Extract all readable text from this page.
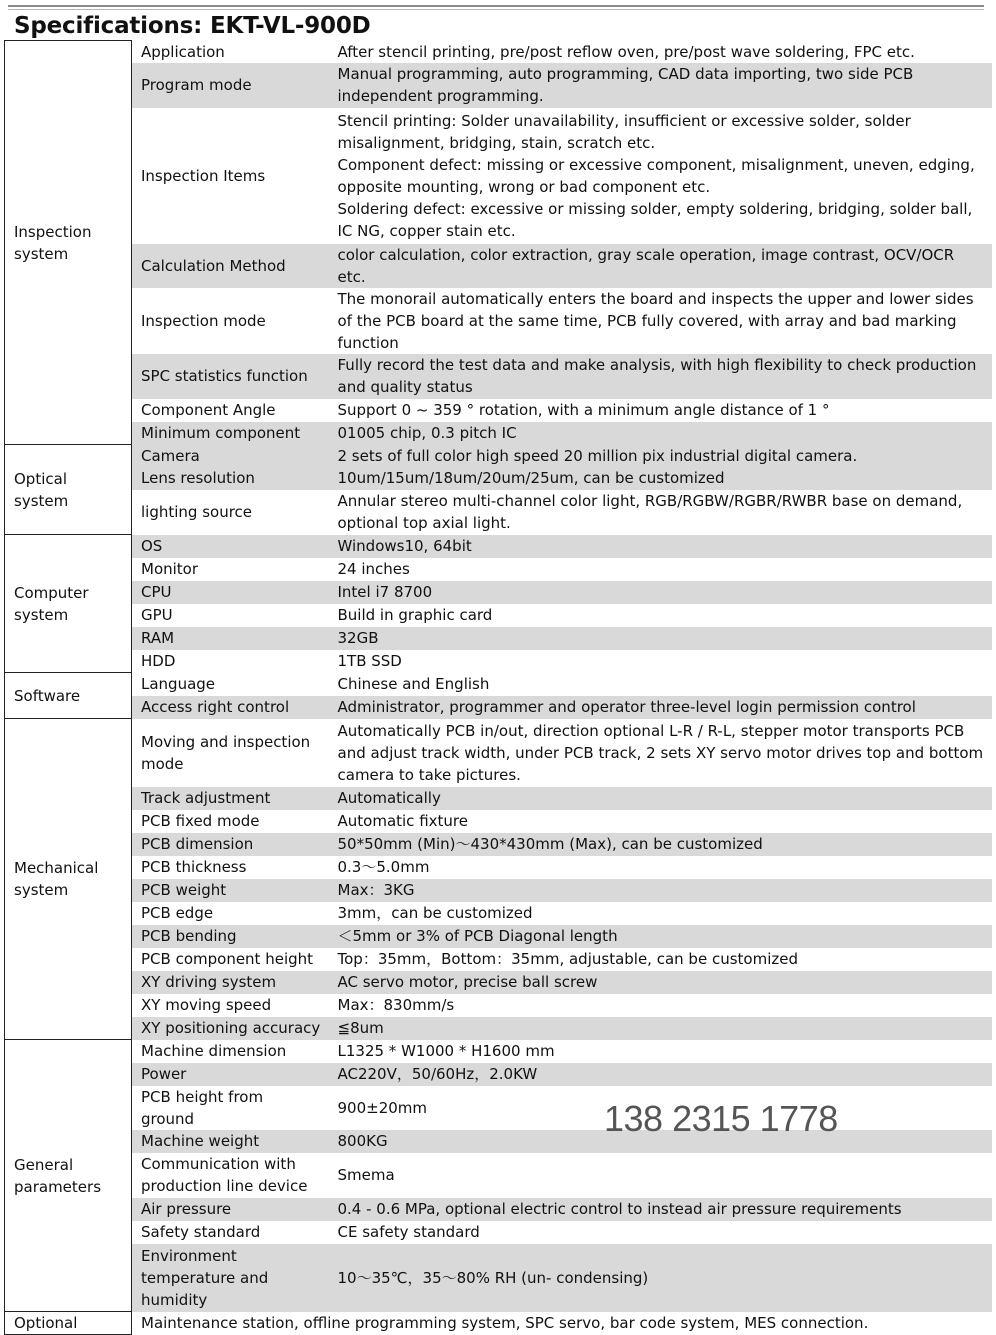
Specifications: EKT-VL-900D
Inspection system	Application	After stencil printing, pre/post reflow oven, pre/post wave soldering, FPC etc.

	Program mode	Manual programming, auto programming, CAD data importing, two side PCB independent programming.

	Inspection Items	Stencil printing: Solder unavailability, insufficient or excessive solder, solder misalignment, bridging, stain, scratch etc.
Component defect: missing or excessive component, misalignment, uneven, edging, opposite mounting, wrong or bad component etc.
Soldering defect: excessive or missing solder, empty soldering, bridging, solder ball, IC NG, copper stain etc.

	Calculation Method	color calculation, color extraction, gray scale operation, image contrast, OCV/OCR etc.

	Inspection mode	The monorail automatically enters the board and inspects the upper and lower sides of the PCB board at the same time, PCB fully covered, with array and bad marking function

	SPC statistics function	Fully record the test data and make analysis, with high flexibility to check production and quality status

	Component Angle	Support 0 ~ 359 ° rotation, with a minimum angle distance of 1 °

	Minimum component	01005 chip, 0.3 pitch IC

Optical system	Camera	2 sets of full color high speed 20 million pix industrial digital camera.

	Lens resolution	10um/15um/18um/20um/25um, can be customized

	lighting source	Annular stereo multi-channel color light, RGB/RGBW/RGBR/RWBR base on demand, optional top axial light.

Computer system	OS	Windows10, 64bit

	Monitor	24 inches

	CPU	Intel i7 8700

	GPU	Build in graphic card

	RAM	32GB

	HDD	1TB SSD

Software	Language	Chinese and English

	Access right control	Administrator, programmer and operator three-level login permission control

Mechanical system	Moving and inspection mode	Automatically PCB in/out, direction optional L-R / R-L, stepper motor transports PCB and adjust track width, under PCB track, 2 sets XY servo motor drives top and bottom camera to take pictures.

	Track adjustment	Automatically

	PCB fixed mode	Automatic fixture

	PCB dimension	50*50mm (Min)～430*430mm (Max), can be customized

	PCB thickness	0.3～5.0mm

	PCB weight	Max：3KG

	PCB edge	3mm，can be customized

	PCB bending	＜5mm or 3% of PCB Diagonal length

	PCB component height	Top：35mm，Bottom：35mm, adjustable, can be customized

	XY driving system	AC servo motor, precise ball screw

	XY moving speed	Max：830mm/s

	XY positioning accuracy	≦8um

General parameters	Machine dimension	L1325 * W1000 * H1600 mm

	Power	AC220V，50/60Hz，2.0KW

	PCB height from ground	900±20mm

	Machine weight	800KG

	Communication with production line device	Smema

	Air pressure	0.4 - 0.6 MPa, optional electric control to instead air pressure requirements

	Safety standard	CE safety standard

	Environment temperature and humidity	10～35℃，35～80% RH (un- condensing)

Optional	Maintenance station, offline programming system, SPC servo, bar code system, MES connection.	
138 2315 1778
